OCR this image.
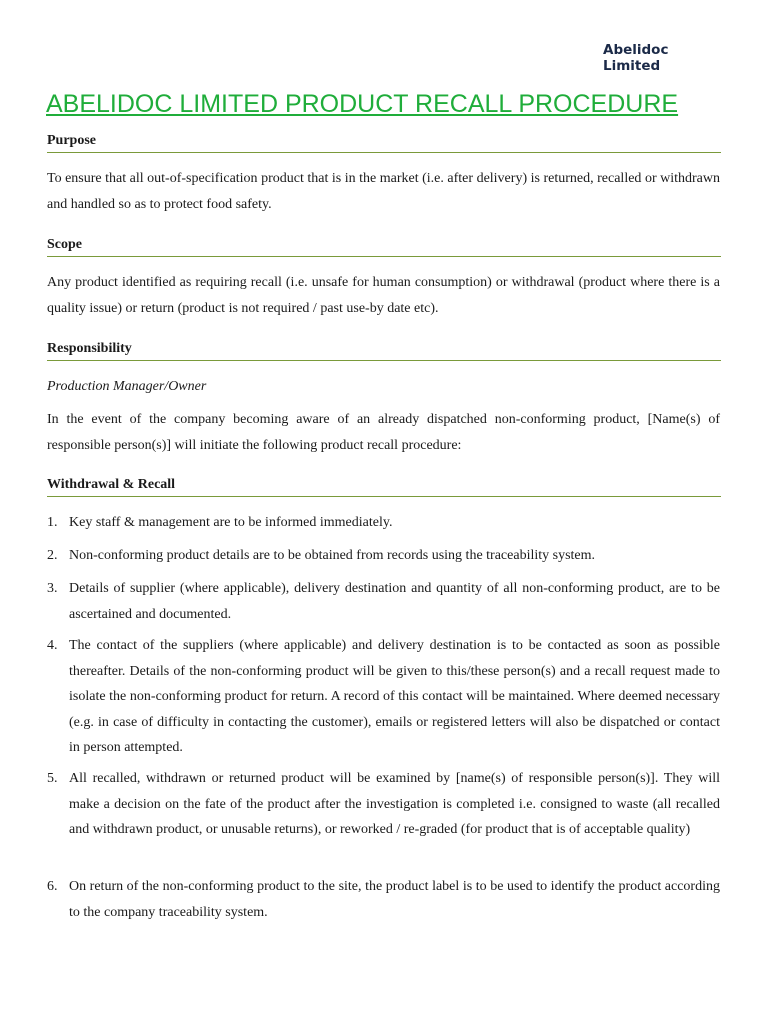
Abelidoc
Limited
ABELIDOC LIMITED PRODUCT RECALL PROCEDURE
Purpose

To ensure that all out-of-specification product that is in the market (i.e. after delivery) is returned, recalled or withdrawn and handled so as to protect food safety.

Scope

Any product identified as requiring recall (i.e. unsafe for human consumption) or withdrawal (product where there is a quality issue) or return (product is not required / past use-by date etc).

Responsibility

Production Manager/Owner

In the event of the company becoming aware of an already dispatched non-conforming product, [Name(s) of responsible person(s)] will initiate the following product recall procedure:

Withdrawal & Recall
1. Key staff & management are to be informed immediately.
2. Non-conforming product details are to be obtained from records using the traceability system.
3. Details of supplier (where applicable), delivery destination and quantity of all non-conforming product, are to be ascertained and documented.
4. The contact of the suppliers (where applicable) and delivery destination is to be contacted as soon as possible thereafter. Details of the non-conforming product will be given to this/these person(s) and a recall request made to isolate the non-conforming product for return. A record of this contact will be maintained. Where deemed necessary (e.g. in case of difficulty in contacting the customer), emails or registered letters will also be dispatched or contact in person attempted.
5. All recalled, withdrawn or returned product will be examined by [name(s) of responsible person(s)]. They will make a decision on the fate of the product after the investigation is completed i.e. consigned to waste (all recalled and withdrawn product, or unusable returns), or reworked / re-graded (for product that is of acceptable quality)
6. On return of the non-conforming product to the site, the product label is to be used to identify the product according to the company traceability system.
